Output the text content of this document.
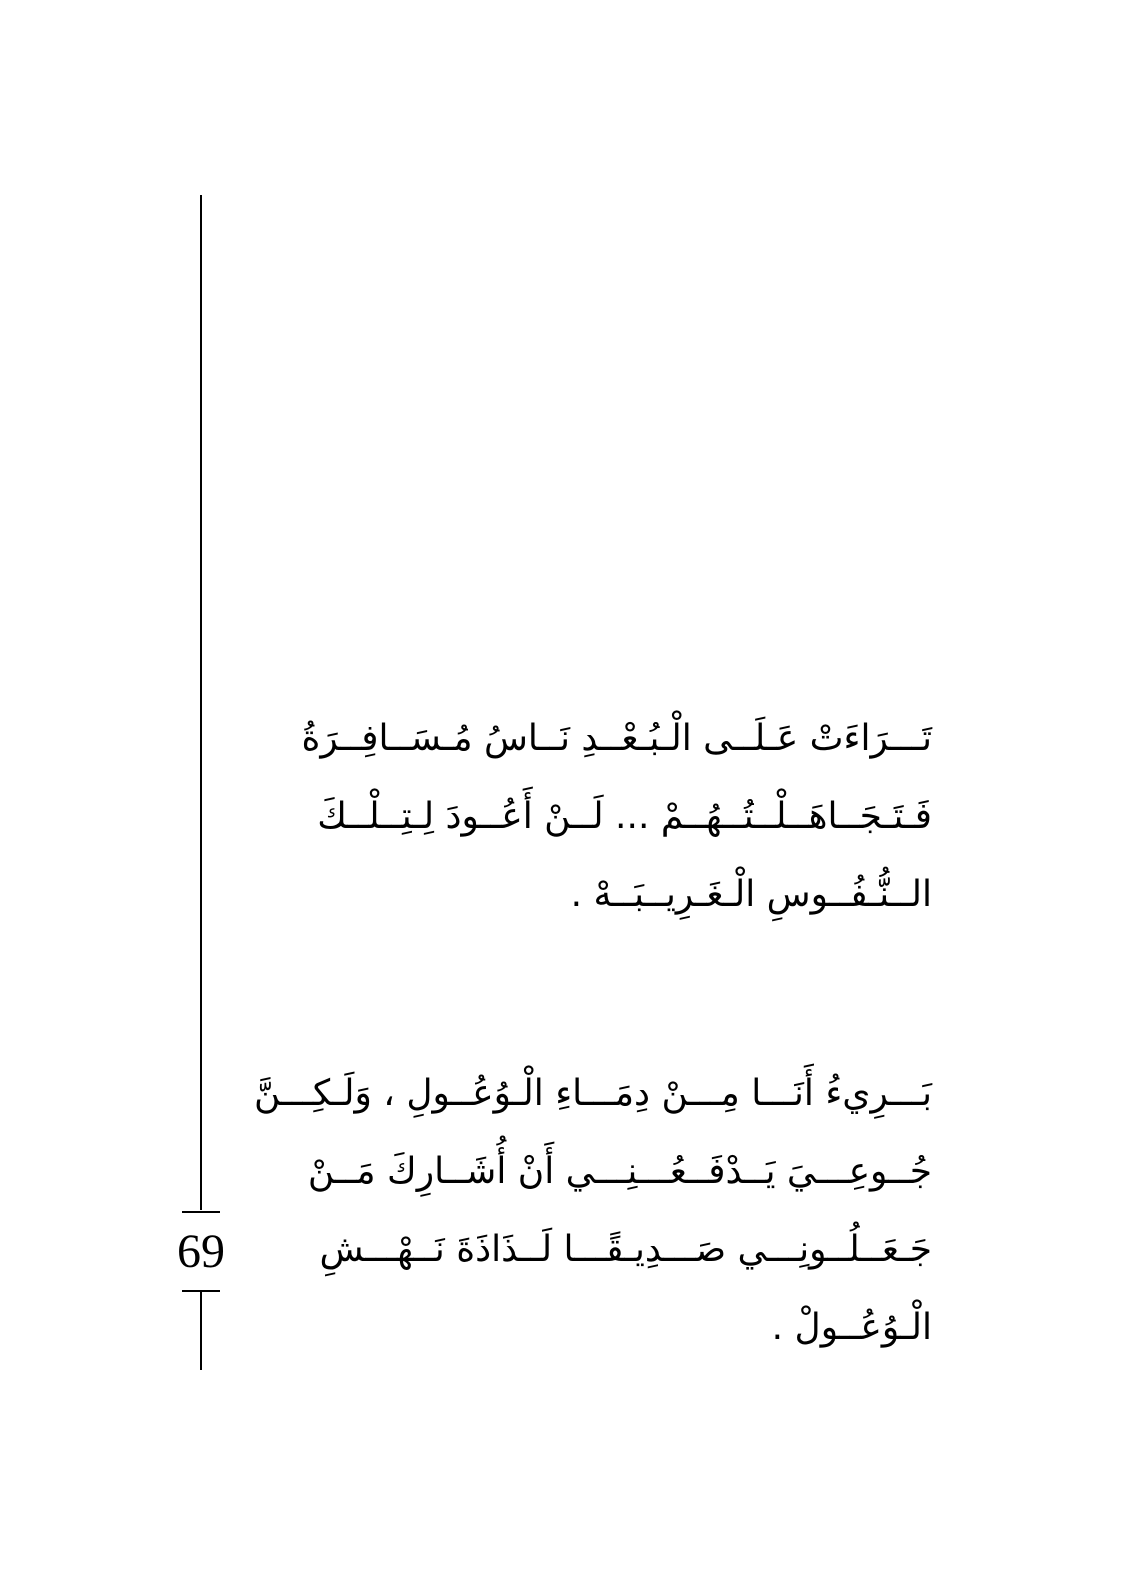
69
تَـــرَاءَتْ عَـلَــى الْـبُـعْــدِ نَــاسُ مُـسَــافِــرَةُ
فَـتَـجَــاهَــلْــتُــهُــمْ ... لَــنْ أَعُــودَ لِـتِــلْــكَ
الــنُّـفُــوسِ الْـغَـرِيــبَــهْ .
بَـــرِيءُ أَنَـــا مِـــنْ دِمَـــاءِ الْـوُعُــولِ ، وَلَـكِـــنَّ
جُــوعِـــيَ يَــدْفَــعُـــنِـــي أَنْ أُشَــارِكَ مَــنْ
جَـعَــلُــونِـــي صَـــدِيـقًـــا لَــذَاذَةَ نَــهْـــشِ
الْـوُعُــولْ .
